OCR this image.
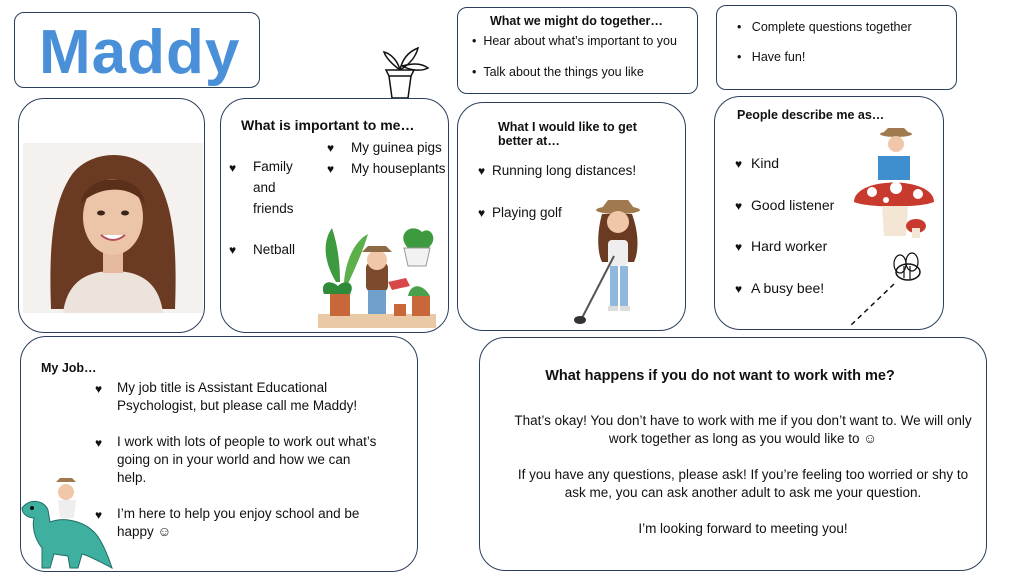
Maddy	What we might do together…
•  Hear about what’s important to you
•  Talk about the things you like
•   Complete questions together
•   Have fun!
What is important to me…
♥ Family and friends
♥ Netball
♥ My guinea pigs
♥ My houseplants
What I would like to get better at…
♥ Running long distances!
♥ Playing golf
People describe me as…
♥ Kind
♥ Good listener
♥ Hard worker
♥ A busy bee!
My Job…
♥ My job title is Assistant Educational Psychologist, but please call me Maddy!
♥ I work with lots of people to work out what’s going on in your world and how we can help.
♥ I’m here to help you enjoy school and be happy ☺
What happens if you do not want to work with me?
That’s okay! You don’t have to work with me if you don’t want to. We will only work together as long as you would like to ☺
If you have any questions, please ask! If you’re feeling too worried or shy to ask me, you can ask another adult to ask me your question.
I’m looking forward to meeting you!
